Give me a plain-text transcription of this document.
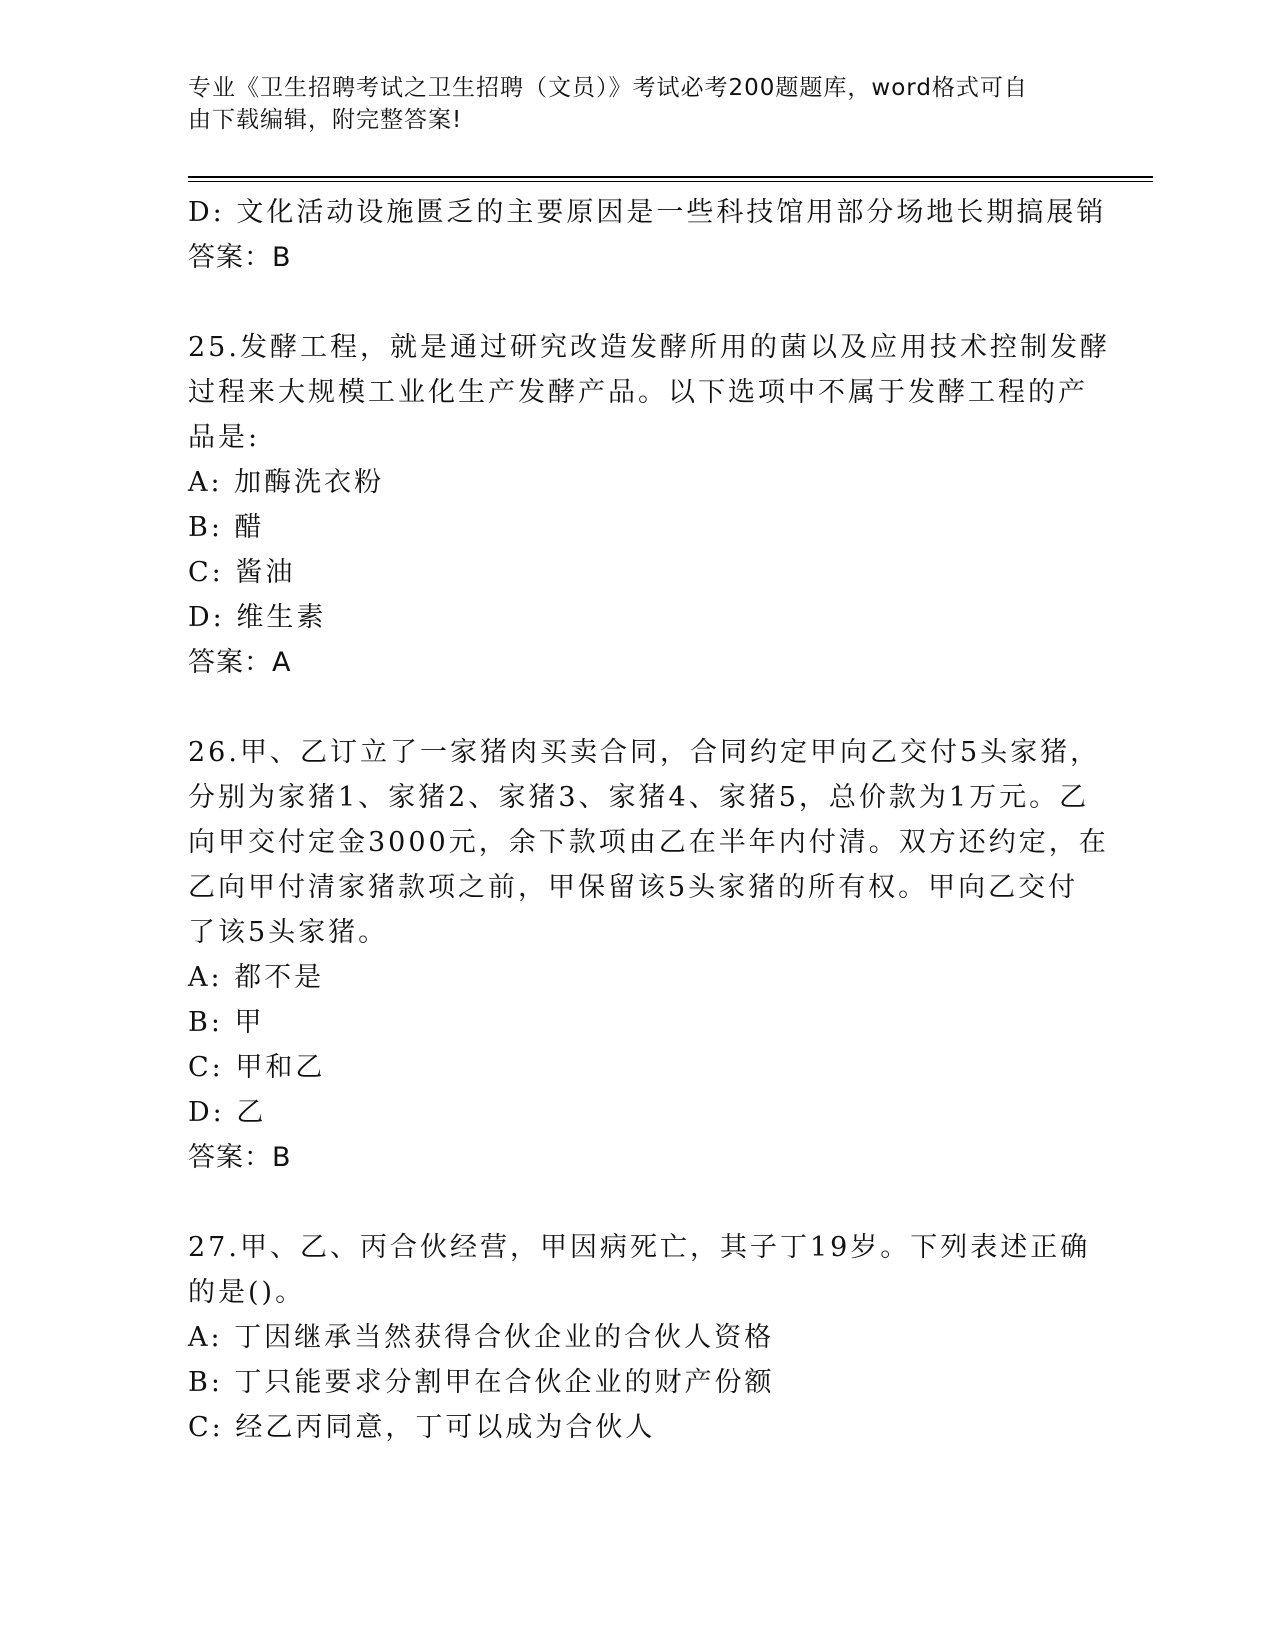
专业《卫生招聘考试之卫生招聘（文员）》考试必考200题题库，word格式可自
由下载编辑，附完整答案!
D: 文化活动设施匮乏的主要原因是一些科技馆用部分场地长期搞展销
答案：B
25.发酵工程，就是通过研究改造发酵所用的菌以及应用技术控制发酵
过程来大规模工业化生产发酵产品。以下选项中不属于发酵工程的产
品是:
A: 加酶洗衣粉
B: 醋
C: 酱油
D: 维生素
答案：A
26.甲、乙订立了一家猪肉买卖合同，合同约定甲向乙交付5头家猪，
分别为家猪1、家猪2、家猪3、家猪4、家猪5，总价款为1万元。乙
向甲交付定金3000元，余下款项由乙在半年内付清。双方还约定，在
乙向甲付清家猪款项之前，甲保留该5头家猪的所有权。甲向乙交付
了该5头家猪。
A: 都不是
B: 甲
C: 甲和乙
D: 乙
答案：B
27.甲、乙、丙合伙经营，甲因病死亡，其子丁19岁。下列表述正确
的是()。
A: 丁因继承当然获得合伙企业的合伙人资格
B: 丁只能要求分割甲在合伙企业的财产份额
C: 经乙丙同意，丁可以成为合伙人
